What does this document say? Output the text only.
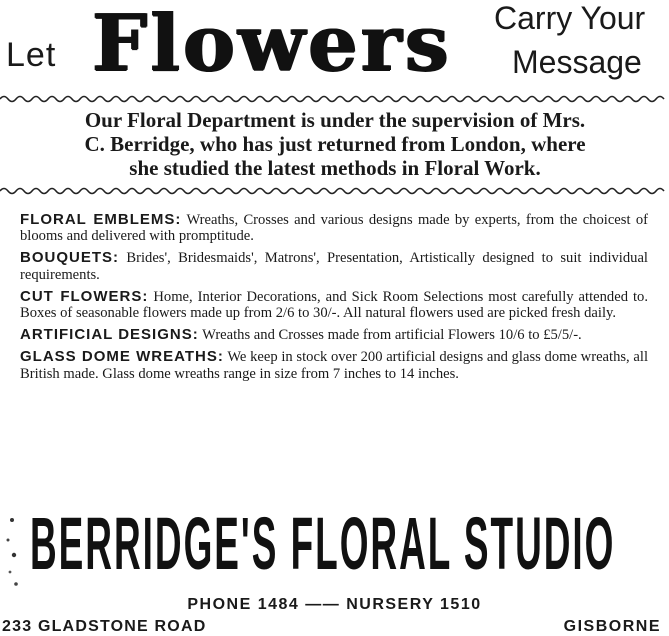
Let Flowers Carry Your
Message
Our Floral Department is under the supervision of Mrs.
C. Berridge, who has just returned from London, where
she studied the latest methods in Floral Work.

FLORAL EMBLEMS: Wreaths, Crosses and various designs made by experts, from the choicest of blooms and delivered with promptitude.

BOUQUETS: Brides', Bridesmaids', Matrons', Presentation, Artistically designed to suit individual requirements.

CUT FLOWERS: Home, Interior Decorations, and Sick Room Selections most carefully attended to. Boxes of seasonable flowers made up from 2/6 to 30/-. All natural flowers used are picked fresh daily.

ARTIFICIAL DESIGNS: Wreaths and Crosses made from artificial Flowers 10/6 to £5/5/-.

GLASS DOME WREATHS: We keep in stock over 200 artificial designs and glass dome wreaths, all British made. Glass dome wreaths range in size from 7 inches to 14 inches.

BERRIDGE'S FLORAL STUDIO
PHONE 1484 —— NURSERY 1510
233 GLADSTONE ROAD	GISBORNE
